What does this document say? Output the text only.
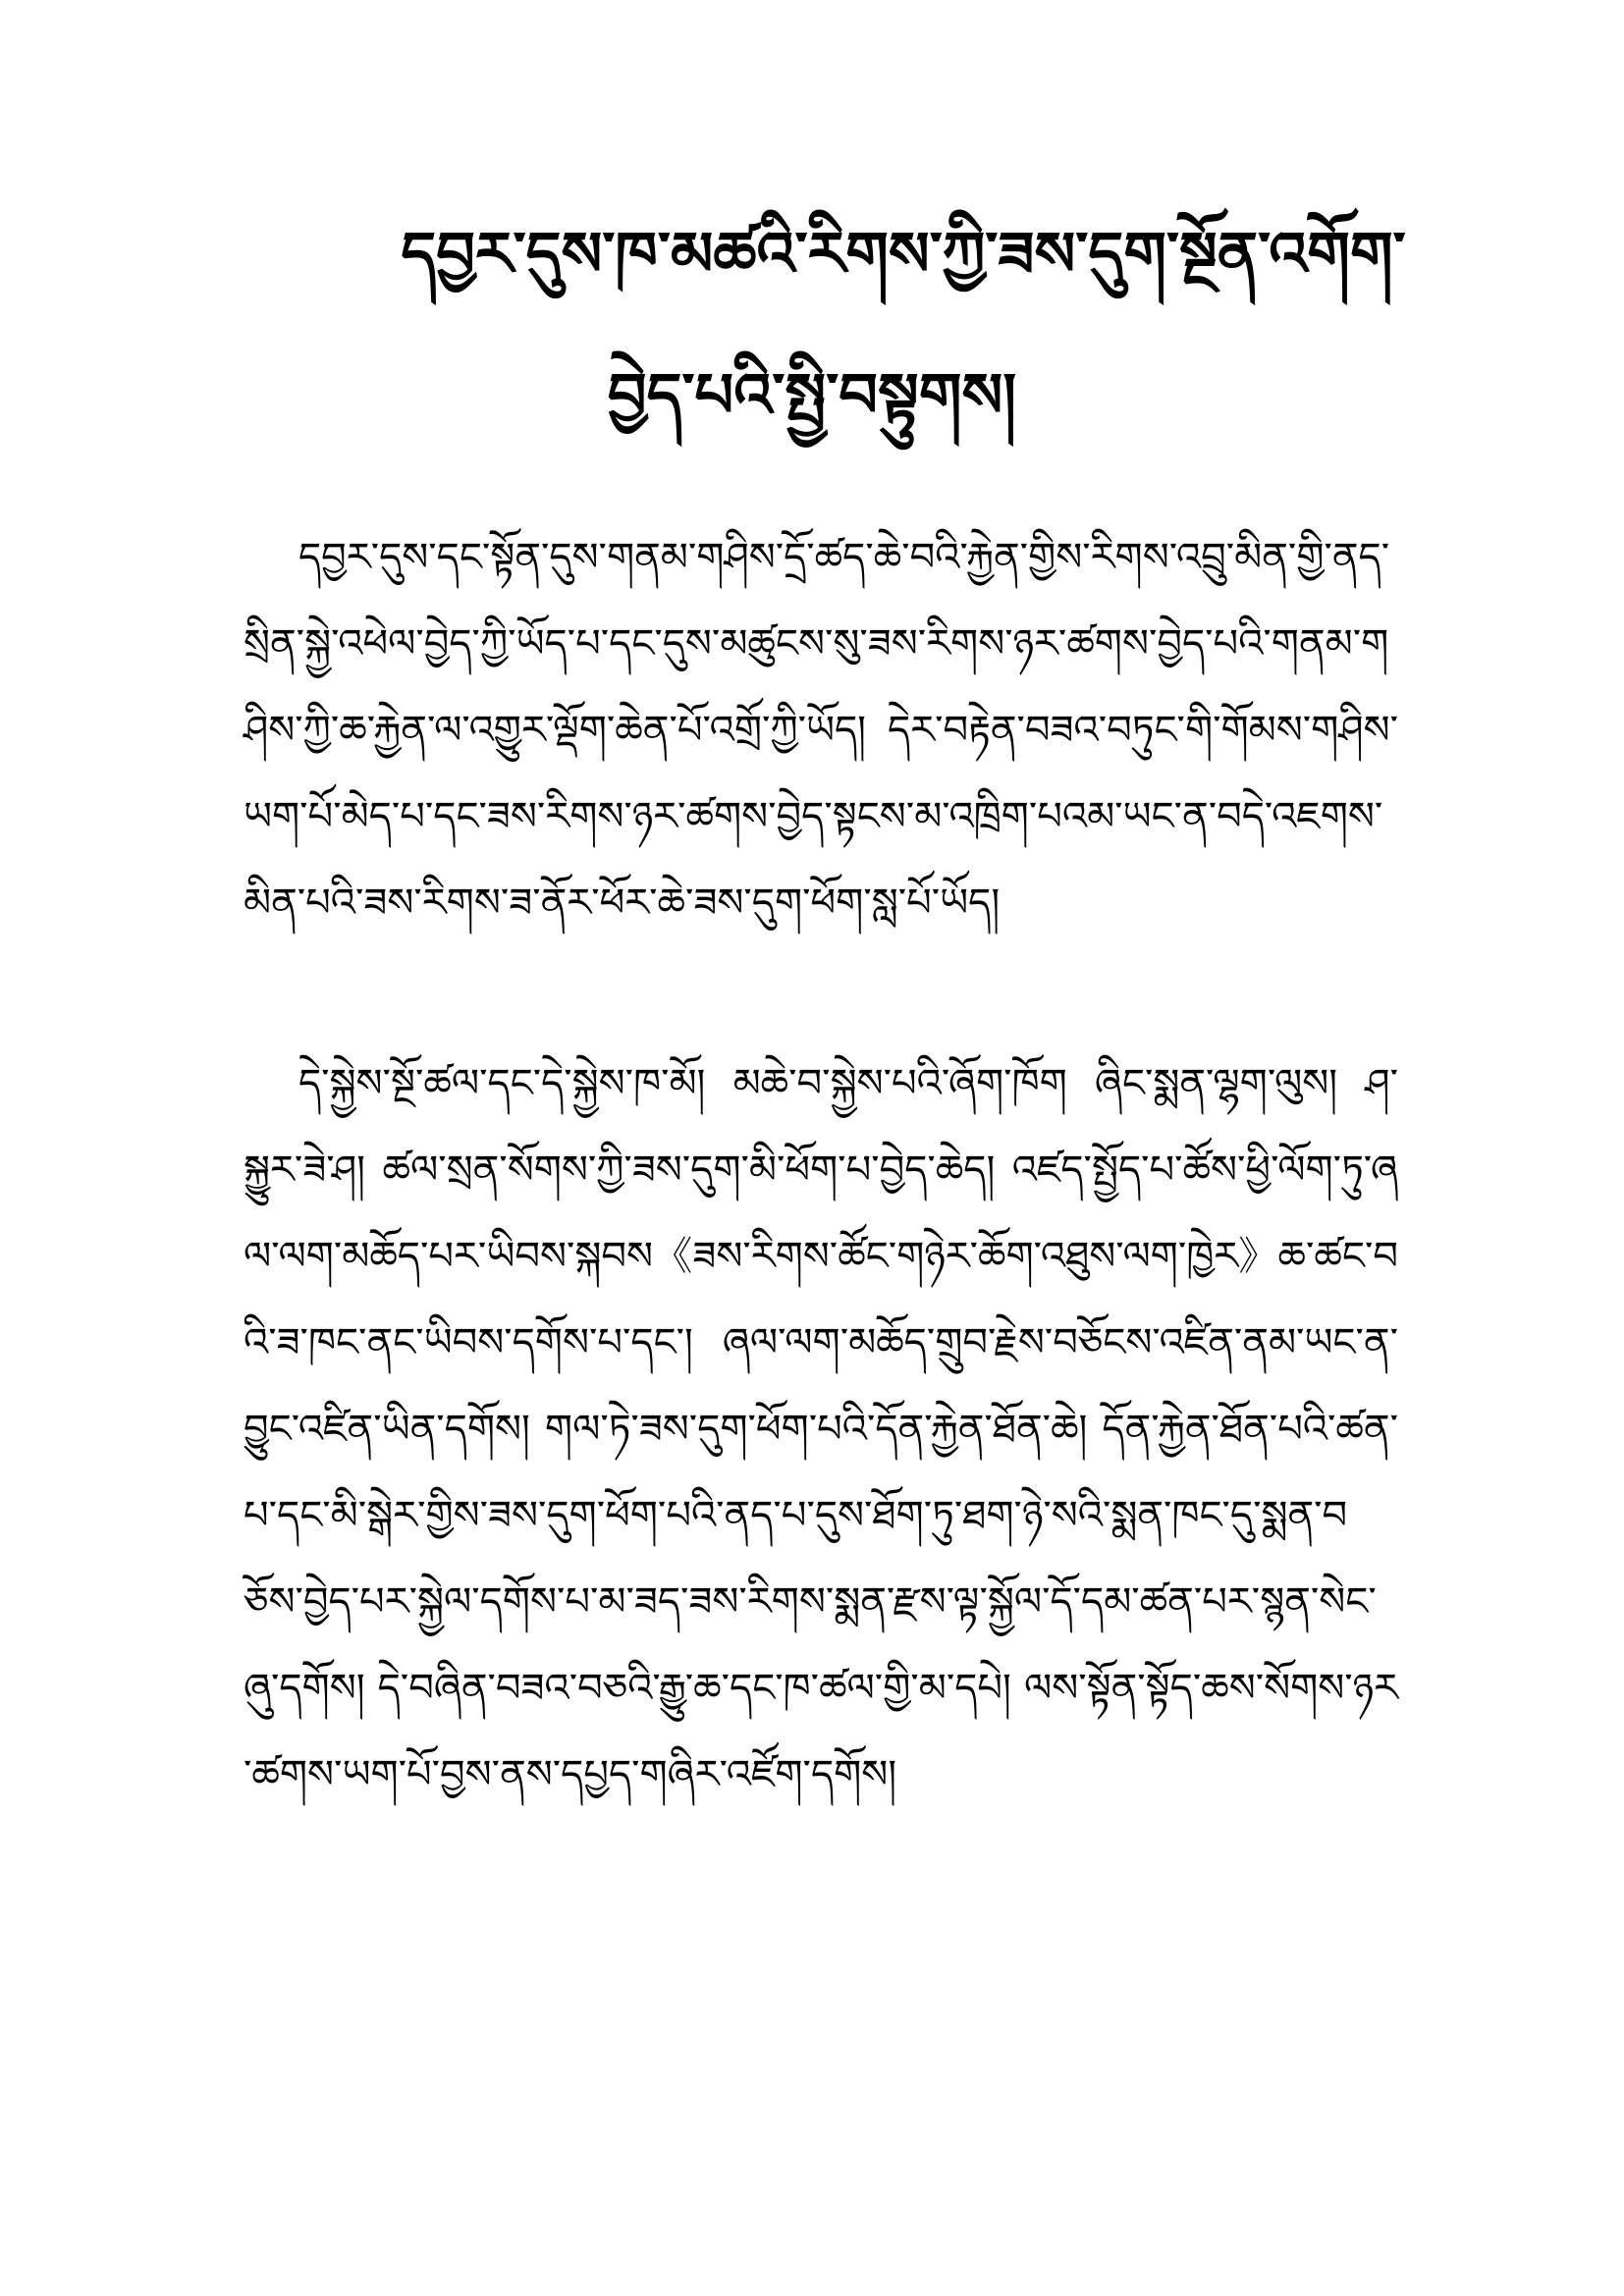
དབྱར་དུས་ཁ་མཚའི་རིགས་ཀྱི་ཟས་དུག་སྔོན་འགོག་
བྱེད་པའི་སྤྱི་བསྟུགས།
དབྱར་དུས་དང་སྟོན་དུས་གནམ་གཤིས་དྲོ་ཚད་ཆེ་བའི་རྐྱེན་གྱིས་རིགས་འབྲུ་མིན་གྱི་ནད་སྲིན་སྐྱེ་འཕེལ་བྱེད་ཀྱི་ཡོད་པ་དང་དུས་མཚུངས་སུ་ཟས་རིགས་ཉར་ཚགས་བྱེད་པའི་གནམ་གཤིས་ཀྱི་ཆ་རྐྱེན་ལ་འགྱུར་ལྡོག་ཆེན་པོ་འགྲོ་ཀྱི་ཡོད། དེར་བརྟེན་བཟའ་བཏུང་གི་གོམས་གཤིས་ཡག་པོ་མེད་པ་དང་ཟས་རིགས་ཉར་ཚགས་བྱེད་སྟངས་མ་འཁྲིག་པའམ་ཡང་ན་བདེ་འཇགས་མིན་པའི་ཟས་རིགས་ཟ་ནོར་ཕོར་ཆེ་ཟས་དུག་ཕོག་སླ་པོ་ཡོད།
དེ་སྐྱེས་སྔོ་ཚལ་དང་དེ་སྐྱེས་ཁ་མོ། མཆེ་བ་སྐྱེས་པའི་ཞོག་ཁོག ཞིང་སྨན་ལྷག་ལུས། ཤ་སྐྱུར་ཟེ་ཤ། ཚལ་སྲན་སོགས་ཀྱི་ཟས་དུག་མི་ཕོག་པ་བྱེད་ཆེད། འཛད་སྤྱོད་པ་ཚོས་ཕྱི་ལོག་ཏུ་ཞལ་ལག་མཆོད་པར་ཡིབས་སྐབས《ཟས་རིགས་ཚོང་གཉེར་ཆོག་འཐུས་ལག་ཁྱེར》ཆ་ཚང་བའི་ཟ་ཁང་ནང་ཡིབས་དགོས་པ་དང་། ཞལ་ལག་མཆོད་གྲུབ་རྗེས་བཅོངས་འཛིན་ནམ་ཡང་ན་བྱུང་འཛིན་ཡིན་དགོས། གལ་ཏེ་ཟས་དུག་ཕོག་པའི་དོན་རྐྱེན་ཐོན་ཆེ། དོན་རྐྱེན་ཐོན་པའི་ཚན་པ་དང་མི་སྒེར་གྱིས་ཟས་དུག་ཕོག་པའི་ནད་པ་དུས་ཐོག་ཏུ་ཐག་ཉེ་སའི་སྨན་ཁང་དུ་སྨན་བཅོས་བྱེད་པར་སྐྱེལ་དགོས་པ་མ་ཟད་ཟས་རིགས་སྨན་རྫས་ལྟ་སྐྱོལ་དོ་དམ་ཚན་པར་སྙན་སེང་ཞུ་དགོས། དེ་བཞིན་བཟའ་བཅའི་རྒྱུ་ཆ་དང་ཁ་ཚལ་གྱི་མ་དཔེ། ལས་སྟོན་སྟོད་ཆས་སོགས་ཉར་ཚགས་ཡག་པོ་བྱས་ནས་དཔྱད་གཞིར་འཛོག་དགོས།
